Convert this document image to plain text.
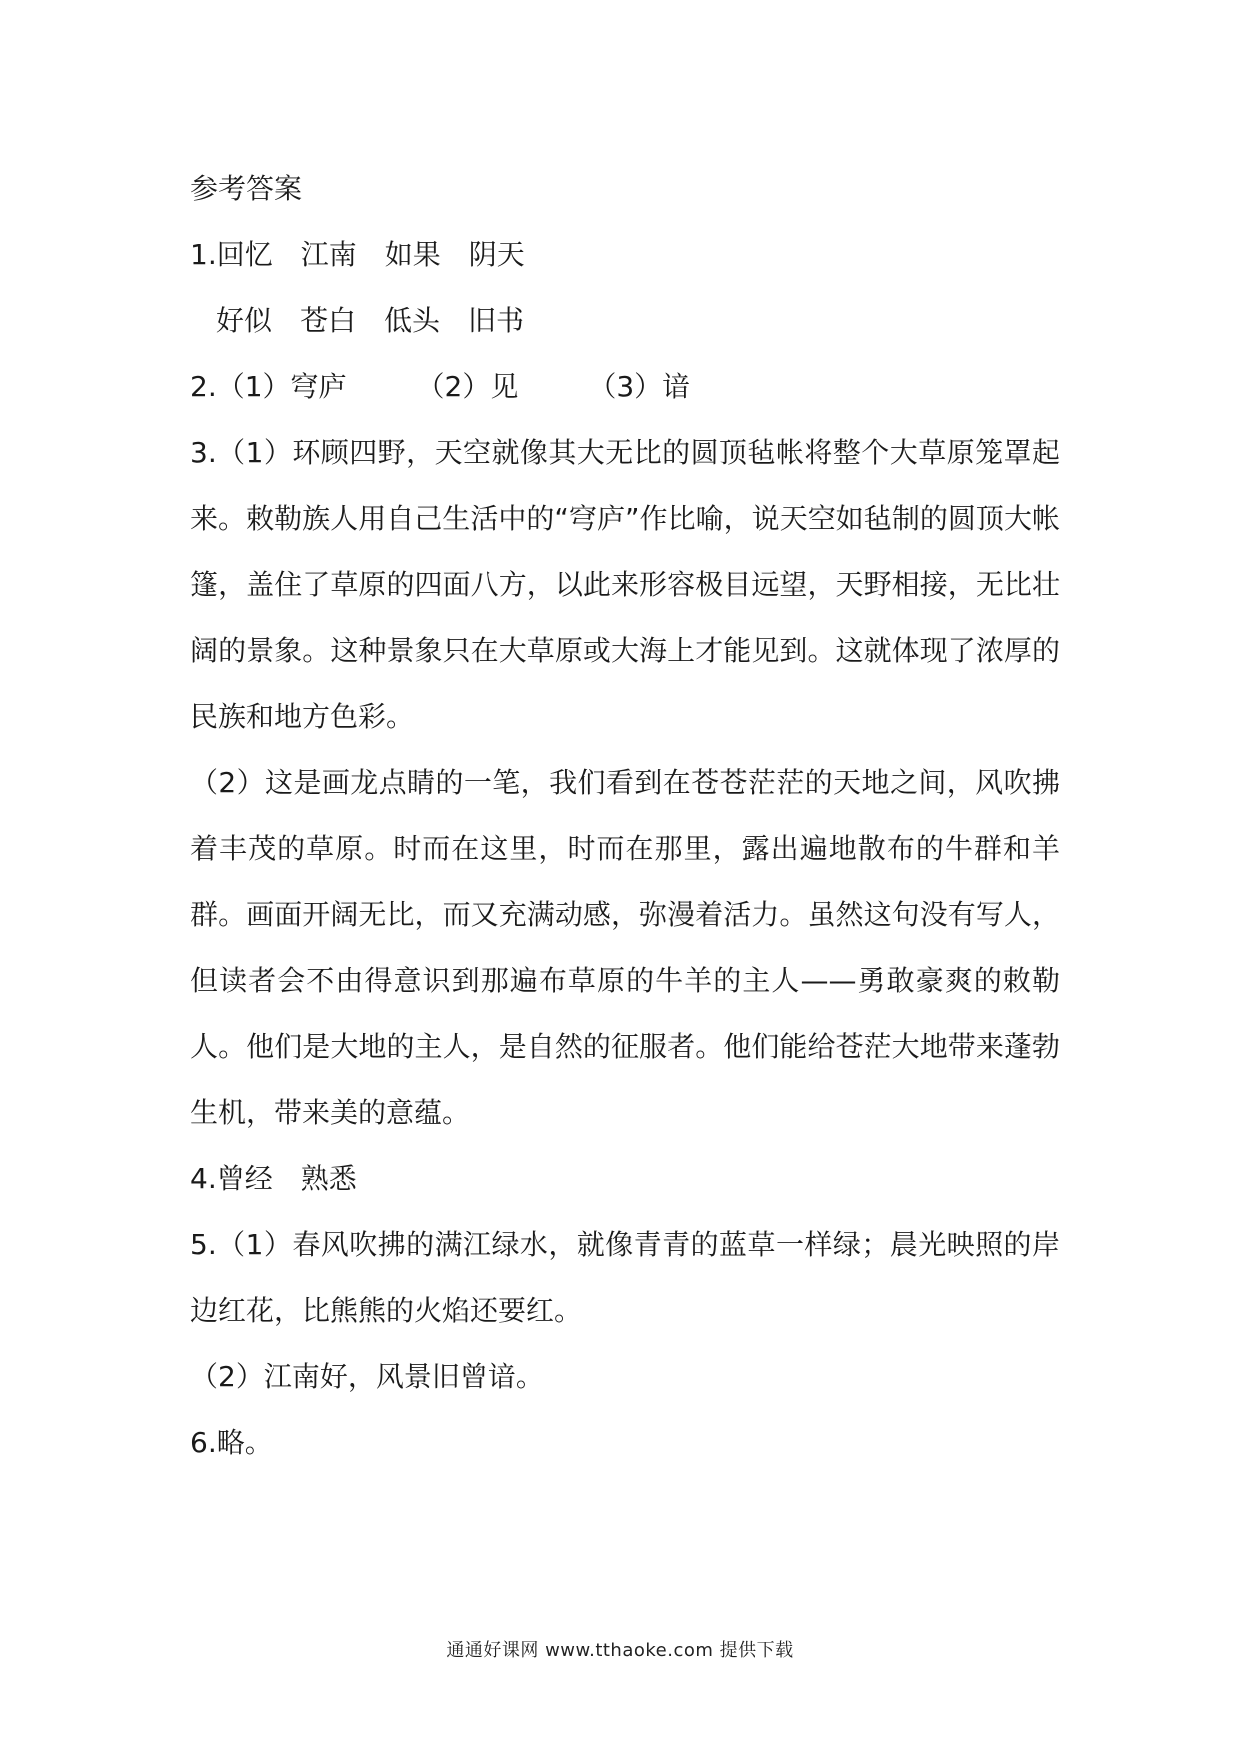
参考答案
1.回忆　江南　如果　阴天
好似　苍白　低头　旧书
2.（1）穹庐　　　（2）见　　　（3）谙
3.（1）环顾四野，天空就像其大无比的圆顶毡帐将整个大草原笼罩起来。敕勒族人用自己生活中的“穹庐”作比喻，说天空如毡制的圆顶大帐篷，盖住了草原的四面八方，以此来形容极目远望，天野相接，无比壮阔的景象。这种景象只在大草原或大海上才能见到。这就体现了浓厚的民族和地方色彩。
（2）这是画龙点睛的一笔，我们看到在苍苍茫茫的天地之间，风吹拂着丰茂的草原。时而在这里，时而在那里，露出遍地散布的牛群和羊群。画面开阔无比，而又充满动感，弥漫着活力。虽然这句没有写人，但读者会不由得意识到那遍布草原的牛羊的主人——勇敢豪爽的敕勒人。他们是大地的主人，是自然的征服者。他们能给苍茫大地带来蓬勃生机，带来美的意蕴。
4.曾经　熟悉
5.（1）春风吹拂的满江绿水，就像青青的蓝草一样绿；晨光映照的岸边红花，比熊熊的火焰还要红。
（2）江南好，风景旧曾谙。
6.略。
通通好课网 www.tthaoke.com 提供下载
